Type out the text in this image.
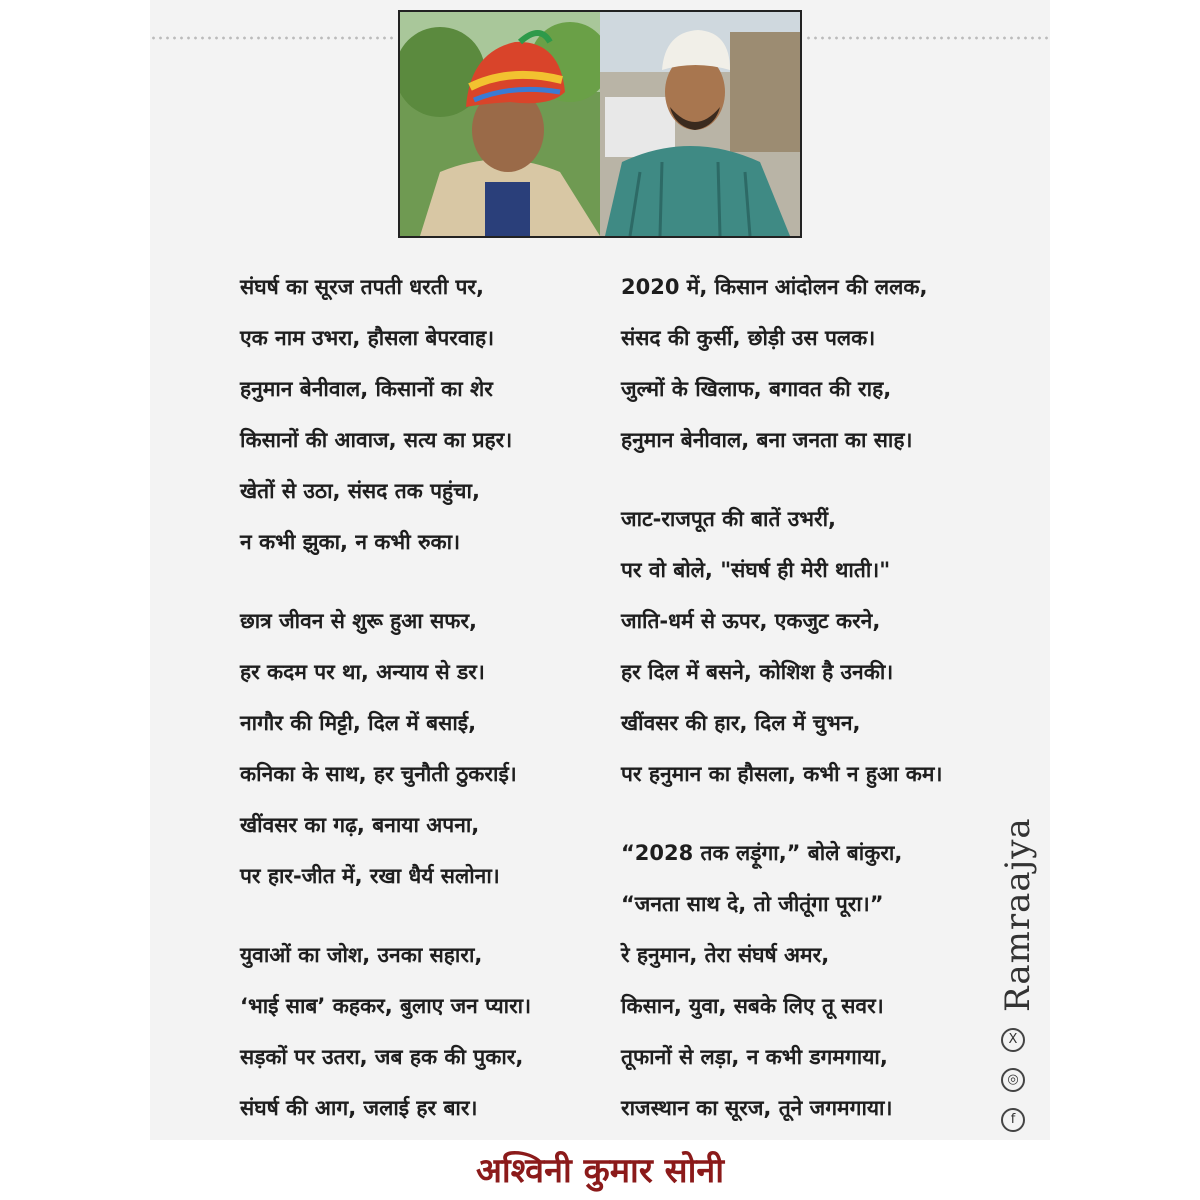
संघर्ष का सूरज तपती धरती पर,
एक नाम उभरा, हौसला बेपरवाह।
हनुमान बेनीवाल, किसानों का शेर
किसानों की आवाज, सत्य का प्रहर।
खेतों से उठा, संसद तक पहुंचा,
न कभी झुका, न कभी रुका।
छात्र जीवन से शुरू हुआ सफर,
हर कदम पर था, अन्याय से डर।
नागौर की मिट्टी, दिल में बसाई,
कनिका के साथ, हर चुनौती ठुकराई।
खींवसर का गढ़, बनाया अपना,
पर हार-जीत में, रखा धैर्य सलोना।
युवाओं का जोश, उनका सहारा,
‘भाई साब’ कहकर, बुलाए जन प्यारा।
सड़कों पर उतरा, जब हक की पुकार,
संघर्ष की आग, जलाई हर बार।
2020 में, किसान आंदोलन की ललक,
संसद की कुर्सी, छोड़ी उस पलक।
जुल्मों के खिलाफ, बगावत की राह,
हनुमान बेनीवाल, बना जनता का साह।
जाट-राजपूत की बातें उभरीं,
पर वो बोले, "संघर्ष ही मेरी थाती।"
जाति-धर्म से ऊपर, एकजुट करने,
हर दिल में बसने, कोशिश है उनकी।
खींवसर की हार, दिल में चुभन,
पर हनुमान का हौसला, कभी न हुआ कम।
“2028 तक लड़ूंगा,” बोले बांकुरा,
“जनता साथ दे, तो जीतूंगा पूरा।”
रे हनुमान, तेरा संघर्ष अमर,
किसान, युवा, सबके लिए तू सवर।
तूफानों से लड़ा, न कभी डगमगाया,
राजस्थान का सूरज, तूने जगमगाया।
Ramraajya
X
◎
f
अश्विनी कुमार सोनी
